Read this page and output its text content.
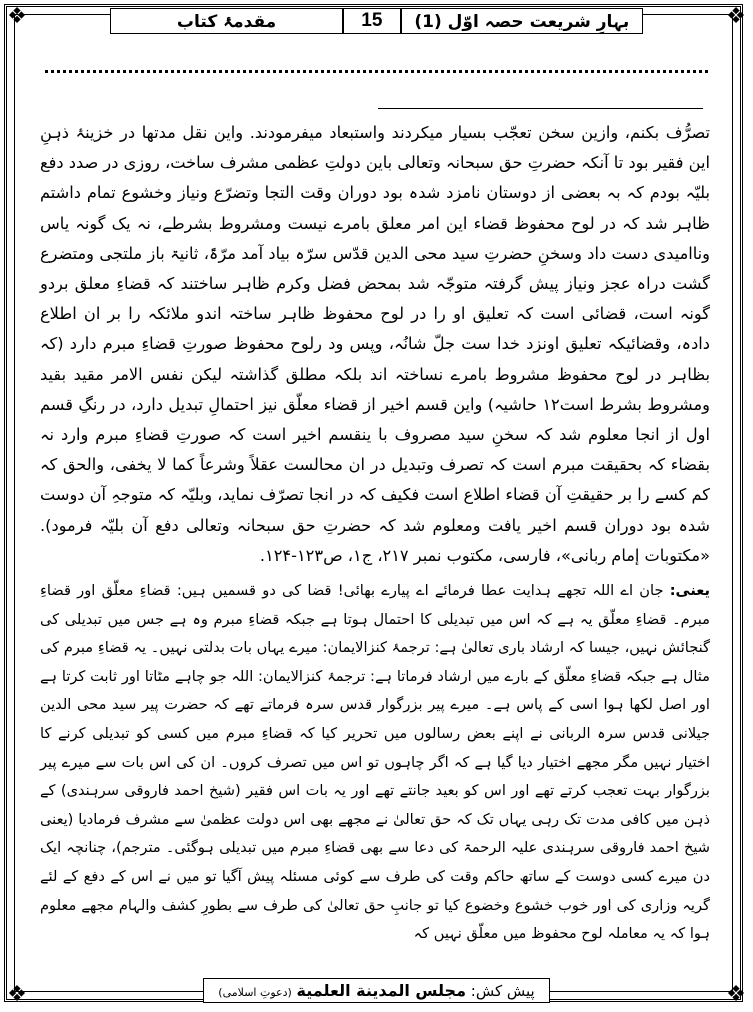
❖	❖
❖	❖
مقدمۂ کتاب	15	بہارِ شریعت حصہ اوّل (1)

تصرُّف بکنم، وازین سخن تعجّب بسیار میکردند واستبعاد میفرمودند. واین نقل مدتها در خزینۂ ذہنِ این فقیر بود تا آنکہ حضرتِ حق سبحانہ وتعالی باین دولتِ عظمی مشرف ساخت، روزی در صدد دفع بلیّہ بودم کہ بہ بعضی از دوستان نامزد شدہ بود دوران وقت التجا وتضرّع ونیاز وخشوع تمام داشتم ظاہر شد کہ در لوح محفوظ قضاء این امر معلق بامرے نیست ومشروط بشرطے، نہ یک گونہ یاس وناامیدی دست داد وسخنِ حضرتِ سید محی الدین قدّس سرّہ بیاد آمد مرّۃً، ثانیۃ باز ملتجی ومتضرع گشت دراہ عجز ونیاز پیش گرفتہ متوجّہ شد بمحض فضل وکرم ظاہر ساختند کہ قضاءِ معلق بردو گونہ است، قضائی است کہ تعلیق او را در لوح محفوظ ظاہر ساختہ اندو ملائکہ را بر ان اطلاع دادہ، وقضائیکہ تعلیق اونزد خدا ست جلّ شانُہ، وپس ود رلوح محفوظ صورتِ قضاءِ مبرم دارد (کہ بظاہر در لوح محفوظ مشروط بامرے نساختہ اند بلکہ مطلق گذاشتہ لیکن نفس الامر مقید بقید ومشروط بشرط است۱۲ حاشیہ) واین قسم اخیر از قضاء معلّق نیز احتمالِ تبدیل دارد، در رنگِ قسم اول از انجا معلوم شد کہ سخنِ سید مصروف با ینقسم اخیر است کہ صورتِ قضاءِ مبرم وارد نہ بقضاء کہ بحقیقت مبرم است کہ تصرف وتبدیل در ان محالست عقلاً وشرعاً کما لا یخفی، والحق کہ کم کسے را بر حقیقتِ آن قضاء اطلاع است فکیف کہ در انجا تصرّف نماید، وبلیّہ کہ متوجہِ آن دوست شدہ بود دوران قسم اخیر یافت ومعلوم شد کہ حضرتِ حق سبحانہ وتعالی دفع آن بلیّہ فرمود). «مکتوبات إمام ربانی»، فارسی، مکتوب نمبر ۲۱۷، ج۱، ص۱۲۳-۱۲۴.

یعنی: جان اے اللہ تجھے ہدایت عطا فرمائے اے پیارے بھائی! قضا کی دو قسمیں ہیں: قضاءِ معلّق اور قضاءِ مبرم۔ قضاءِ معلّق یہ ہے کہ اس میں تبدیلی کا احتمال ہوتا ہے جبکہ قضاءِ مبرم وہ ہے جس میں تبدیلی کی گنجائش نہیں، جیسا کہ ارشاد باری تعالیٰ ہے: ترجمۂ کنزالایمان: میرے یہاں بات بدلتی نہیں۔ یہ قضاءِ مبرم کی مثال ہے جبکہ قضاءِ معلّق کے بارے میں ارشاد فرماتا ہے: ترجمۂ کنزالایمان: اللہ جو چاہے مٹاتا اور ثابت کرتا ہے اور اصل لکھا ہوا اسی کے پاس ہے۔ میرے پیر بزرگوار قدس سرہ فرماتے تھے کہ حضرت پیر سید محی الدین جیلانی قدس سرہ الربانی نے اپنے بعض رسالوں میں تحریر کیا کہ قضاءِ مبرم میں کسی کو تبدیلی کرنے کا اختیار نہیں مگر مجھے اختیار دیا گیا ہے کہ اگر چاہوں تو اس میں تصرف کروں۔ ان کی اس بات سے میرے پیر بزرگوار بہت تعجب کرتے تھے اور اس کو بعید جانتے تھے اور یہ بات اس فقیر (شیخ احمد فاروقی سرہندی) کے ذہن میں کافی مدت تک رہی یہاں تک کہ حق تعالیٰ نے مجھے بھی اس دولت عظمیٰ سے مشرف فرمادیا (یعنی شیخ احمد فاروقی سرہندی علیہ الرحمۃ کی دعا سے بھی قضاءِ مبرم میں تبدیلی ہوگئی۔ مترجم)، چنانچہ ایک دن میرے کسی دوست کے ساتھ حاکم وقت کی طرف سے کوئی مسئلہ پیش آگیا تو میں نے اس کے دفع کے لئے گریہ وزاری کی اور خوب خشوع وخضوع کیا تو جانبِ حق تعالیٰ کی طرف سے بطورِ کشف والہام مجھے معلوم ہوا کہ یہ معاملہ لوح محفوظ میں معلّق نہیں کہ

پیش کش: مجلس المدينة العلمية (دعوتِ اسلامی)
